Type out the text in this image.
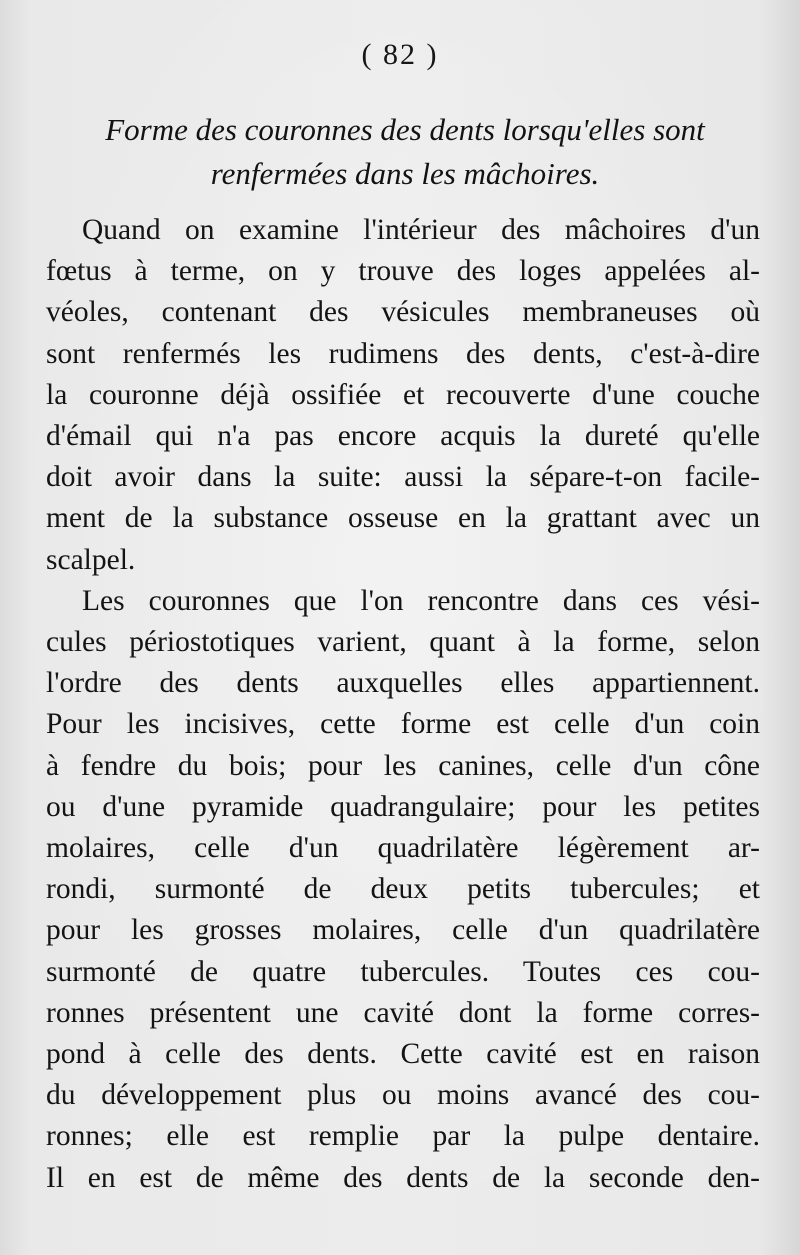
( 82 )
Forme des couronnes des dents lorsqu'elles sont
renfermées dans les mâchoires.
Quand on examine l'intérieur des mâchoires d'un
fœtus à terme, on y trouve des loges appelées al-
véoles, contenant des vésicules membraneuses où
sont renfermés les rudimens des dents, c'est-à-dire
la couronne déjà ossifiée et recouverte d'une couche
d'émail qui n'a pas encore acquis la dureté qu'elle
doit avoir dans la suite: aussi la sépare-t-on facile-
ment de la substance osseuse en la grattant avec un
scalpel.
Les couronnes que l'on rencontre dans ces vési-
cules périostotiques varient, quant à la forme, selon
l'ordre des dents auxquelles elles appartiennent.
Pour les incisives, cette forme est celle d'un coin
à fendre du bois; pour les canines, celle d'un cône
ou d'une pyramide quadrangulaire; pour les petites
molaires, celle d'un quadrilatère légèrement ar-
rondi, surmonté de deux petits tubercules; et
pour les grosses molaires, celle d'un quadrilatère
surmonté de quatre tubercules. Toutes ces cou-
ronnes présentent une cavité dont la forme corres-
pond à celle des dents. Cette cavité est en raison
du développement plus ou moins avancé des cou-
ronnes; elle est remplie par la pulpe dentaire.
Il en est de même des dents de la seconde den-
